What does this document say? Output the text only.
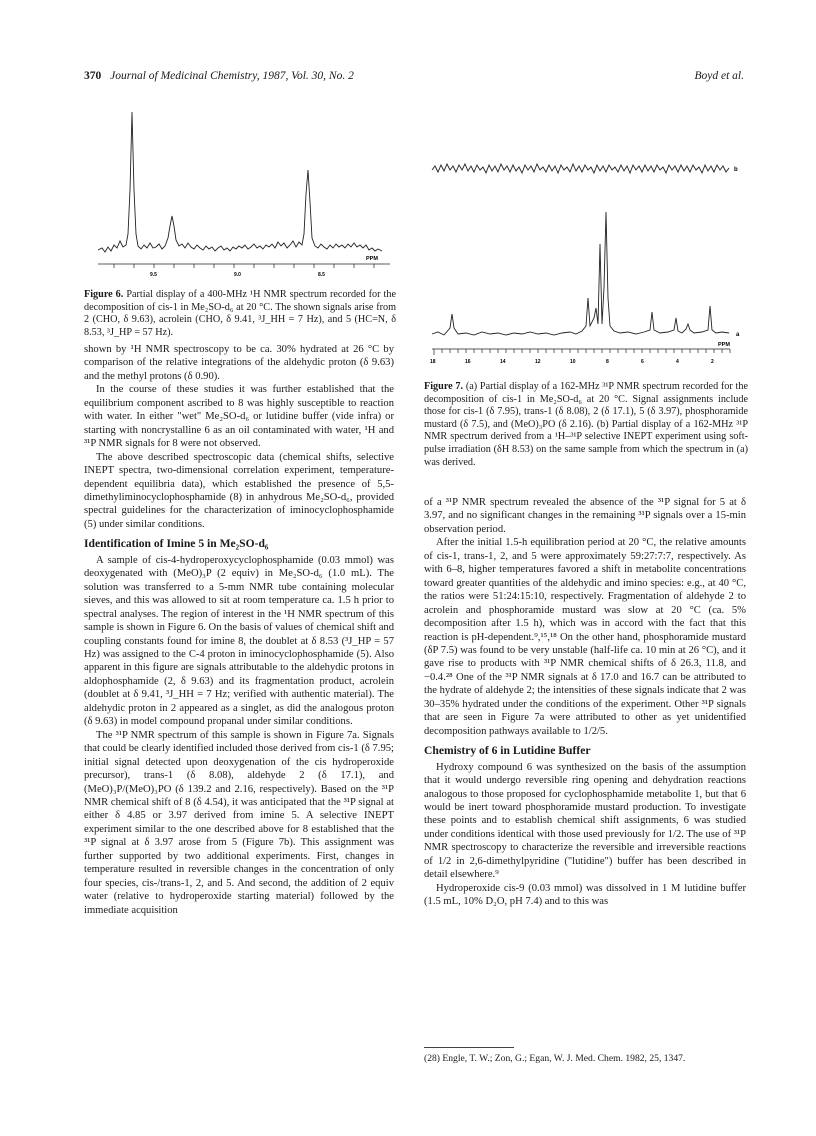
370 Journal of Medicinal Chemistry, 1987, Vol. 30, No. 2	Boyd et al.
PPM
9.5	9.0	8.5
Figure 6. Partial display of a 400-MHz ¹H NMR spectrum recorded for the decomposition of cis-1 in Me₂SO-d₆ at 20 °C. The shown signals arise from 2 (CHO, δ 9.63), acrolein (CHO, δ 9.41, ³J_HH = 7 Hz), and 5 (HC=N, δ 8.53, ³J_HP = 57 Hz).
b
a
PPM
18	16	14	12	10	8	6	4	2
Figure 7. (a) Partial display of a 162-MHz ³¹P NMR spectrum recorded for the decomposition of cis-1 in Me₂SO-d₆ at 20 °C. Signal assignments include those for cis-1 (δ 7.95), trans-1 (δ 8.08), 2 (δ 17.1), 5 (δ 3.97), phosphoramide mustard (δ 7.5), and (MeO)₃PO (δ 2.16). (b) Partial display of a 162-MHz ³¹P NMR spectrum derived from a ¹H–³¹P selective INEPT experiment using soft-pulse irradiation (δH 8.53) on the same sample from which the spectrum in (a) was derived.

shown by ¹H NMR spectroscopy to be ca. 30% hydrated at 26 °C by comparison of the relative integrations of the aldehydic proton (δ 9.63) and the methyl protons (δ 0.90).

In the course of these studies it was further established that the equilibrium component ascribed to 8 was highly susceptible to reaction with water. In either "wet" Me₂SO-d₆ or lutidine buffer (vide infra) or starting with noncrystalline 6 as an oil contaminated with water, ¹H and ³¹P NMR signals for 8 were not observed.

The above described spectroscopic data (chemical shifts, selective INEPT spectra, two-dimensional correlation experiment, temperature-dependent equilibria data), which established the presence of 5,5-dimethyliminocyclophosphamide (8) in anhydrous Me₂SO-d₆, provided spectral guidelines for the characterization of iminocyclophosphamide (5) under similar conditions.

Identification of Imine 5 in Me₂SO-d₆

A sample of cis-4-hydroperoxycyclophosphamide (0.03 mmol) was deoxygenated with (MeO)₃P (2 equiv) in Me₂SO-d₆ (1.0 mL). The solution was transferred to a 5-mm NMR tube containing molecular sieves, and this was allowed to sit at room temperature ca. 1.5 h prior to spectral analyses. The region of interest in the ¹H NMR spectrum of this sample is shown in Figure 6. On the basis of values of chemical shift and coupling constants found for imine 8, the doublet at δ 8.53 (³J_HP = 57 Hz) was assigned to the C-4 proton in iminocyclophosphamide (5). Also apparent in this figure are signals attributable to the aldehydic protons in aldophosphamide (2, δ 9.63) and its fragmentation product, acrolein (doublet at δ 9.41, ³J_HH = 7 Hz; verified with authentic material). The aldehydic proton in 2 appeared as a singlet, as did the analogous proton (δ 9.63) in model compound propanal under similar conditions.

The ³¹P NMR spectrum of this sample is shown in Figure 7a. Signals that could be clearly identified included those derived from cis-1 (δ 7.95; initial signal detected upon deoxygenation of the cis hydroperoxide precursor), trans-1 (δ 8.08), aldehyde 2 (δ 17.1), and (MeO)₃P/(MeO)₃PO (δ 139.2 and 2.16, respectively). Based on the ³¹P NMR chemical shift of 8 (δ 4.54), it was anticipated that the ³¹P signal at either δ 4.85 or 3.97 derived from imine 5. A selective INEPT experiment similar to the one described above for 8 established that the ³¹P signal at δ 3.97 arose from 5 (Figure 7b). This assignment was further supported by two additional experiments. First, changes in temperature resulted in reversible changes in the concentration of only four species, cis-/trans-1, 2, and 5. And second, the addition of 2 equiv water (relative to hydroperoxide starting material) followed by the immediate acquisition

of a ³¹P NMR spectrum revealed the absence of the ³¹P signal for 5 at δ 3.97, and no significant changes in the remaining ³¹P signals over a 15-min observation period.

After the initial 1.5-h equilibration period at 20 °C, the relative amounts of cis-1, trans-1, 2, and 5 were approximately 59:27:7:7, respectively. As with 6–8, higher temperatures favored a shift in metabolite concentrations toward greater quantities of the aldehydic and imino species: e.g., at 40 °C, the ratios were 51:24:15:10, respectively. Fragmentation of aldehyde 2 to acrolein and phosphoramide mustard was slow at 20 °C (ca. 5% decomposition after 1.5 h), which was in accord with the fact that this reaction is pH-dependent.⁹,¹⁵,¹⁸ On the other hand, phosphoramide mustard (δP 7.5) was found to be very unstable (half-life ca. 10 min at 26 °C), and it gave rise to products with ³¹P NMR chemical shifts of δ 26.3, 11.8, and −0.4.²⁸ One of the ³¹P NMR signals at δ 17.0 and 16.7 can be attributed to the hydrate of aldehyde 2; the intensities of these signals indicate that 2 was 30–35% hydrated under the conditions of the experiment. Other ³¹P signals that are seen in Figure 7a were attributed to other as yet unidentified decomposition pathways available to 1/2/5.

Chemistry of 6 in Lutidine Buffer

Hydroxy compound 6 was synthesized on the basis of the assumption that it would undergo reversible ring opening and dehydration reactions analogous to those proposed for cyclophosphamide metabolite 1, but that 6 would be inert toward phosphoramide mustard production. To investigate these points and to establish chemical shift assignments, 6 was studied under conditions identical with those used previously for 1/2. The use of ³¹P NMR spectroscopy to characterize the reversible and irreversible reactions of 1/2 in 2,6-dimethylpyridine ("lutidine") buffer has been described in detail elsewhere.⁹

Hydroperoxide cis-9 (0.03 mmol) was dissolved in 1 M lutidine buffer (1.5 mL, 10% D₂O, pH 7.4) and to this was

(28) Engle, T. W.; Zon, G.; Egan, W. J. Med. Chem. 1982, 25, 1347.
